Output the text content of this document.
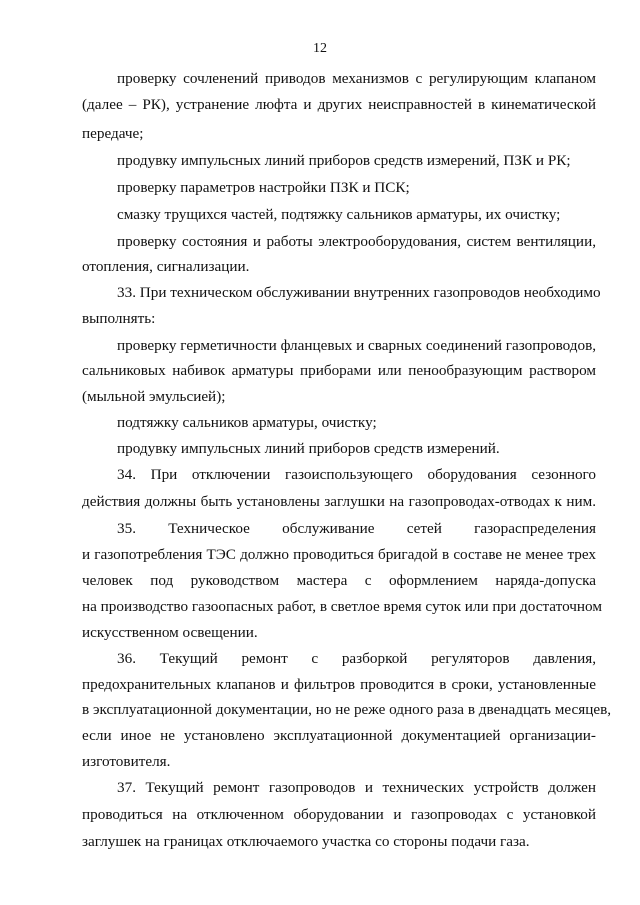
12
проверку сочленений приводов механизмов с регулирующим клапаном
(далее – РК), устранение люфта и других неисправностей в кинематической
передаче;
продувку импульсных линий приборов средств измерений, ПЗК и РК;
проверку параметров настройки ПЗК и ПСК;
смазку трущихся частей, подтяжку сальников арматуры, их очистку;
проверку состояния и работы электрооборудования, систем вентиляции,
отопления, сигнализации.
33. При техническом обслуживании внутренних газопроводов необходимо
выполнять:
проверку герметичности фланцевых и сварных соединений газопроводов,
сальниковых набивок арматуры приборами или пенообразующим раствором
(мыльной эмульсией);
подтяжку сальников арматуры, очистку;
продувку импульсных линий приборов средств измерений.
34. При отключении газоиспользующего оборудования сезонного
действия должны быть установлены заглушки на газопроводах-отводах к ним.
35. Техническое обслуживание сетей газораспределения
и газопотребления ТЭС должно проводиться бригадой в составе не менее трех
человек под руководством мастера с оформлением наряда-допуска
на производство газоопасных работ, в светлое время суток или при достаточном
искусственном освещении.
36. Текущий ремонт с разборкой регуляторов давления,
предохранительных клапанов и фильтров проводится в сроки, установленные
в эксплуатационной документации, но не реже одного раза в двенадцать месяцев,
если иное не установлено эксплуатационной документацией организации-
изготовителя.
37. Текущий ремонт газопроводов и технических устройств должен
проводиться на отключенном оборудовании и газопроводах с установкой
заглушек на границах отключаемого участка со стороны подачи газа.
